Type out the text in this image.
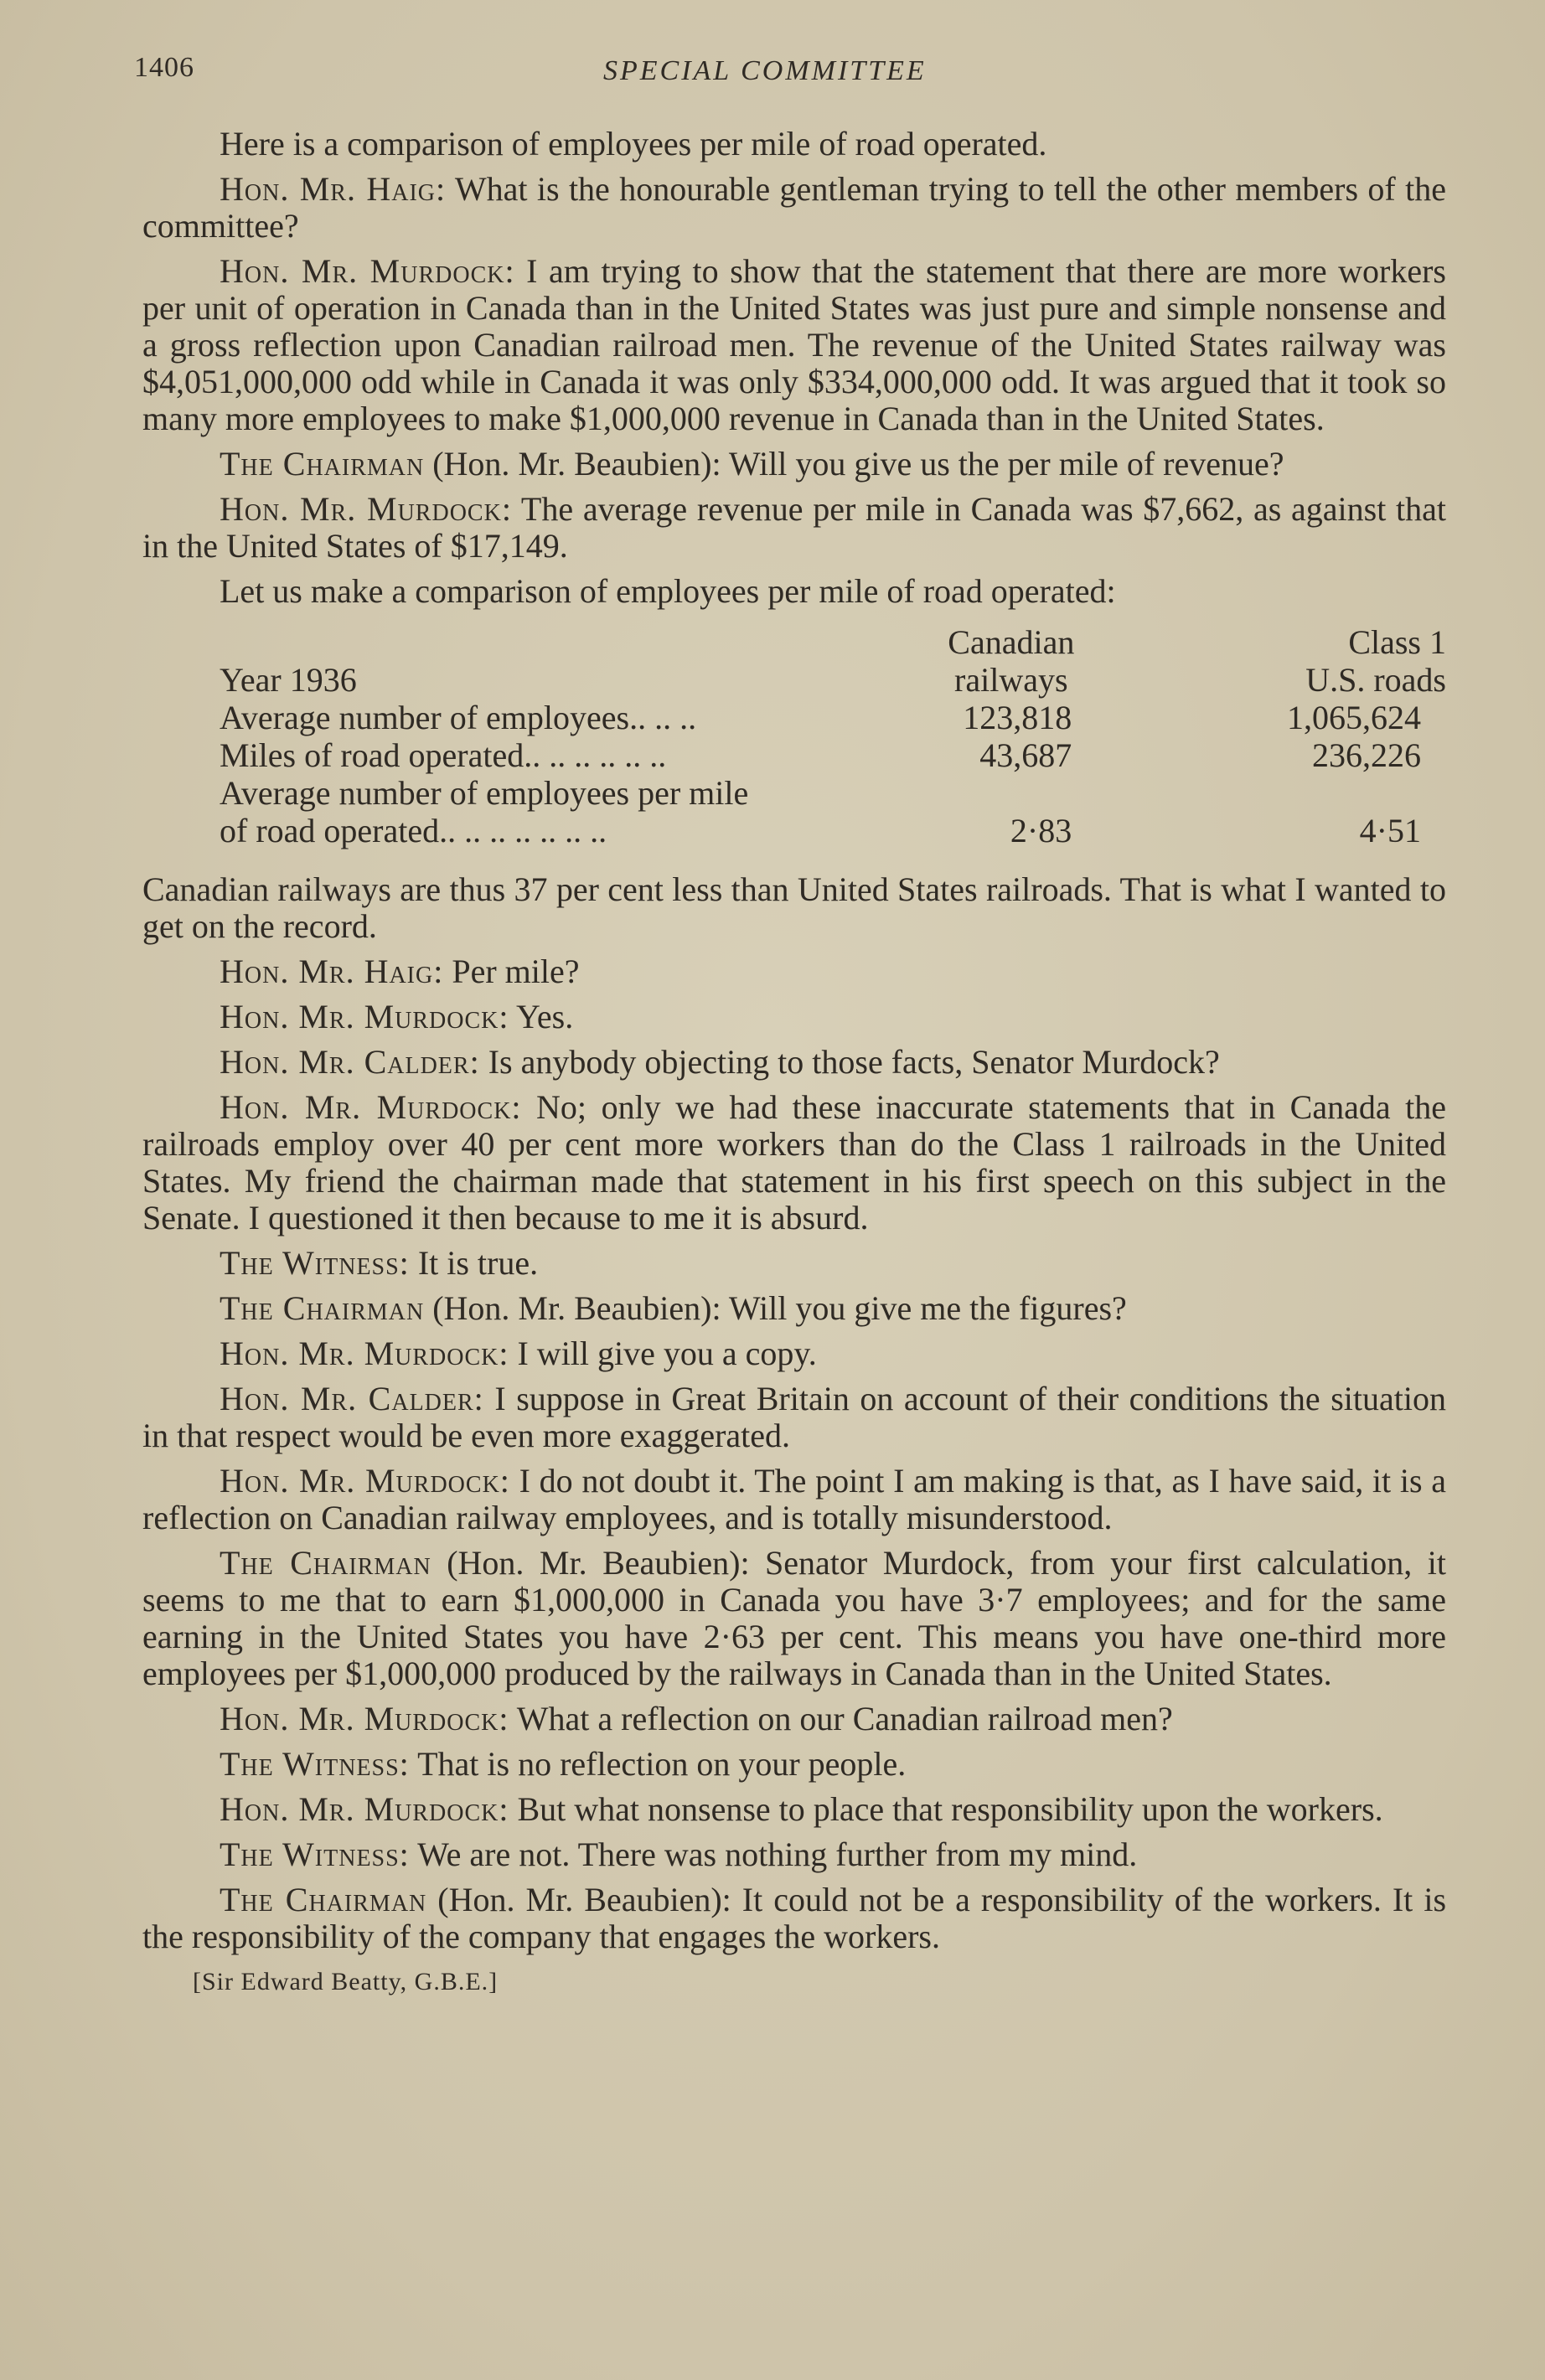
1406	SPECIAL COMMITTEE

Here is a comparison of employees per mile of road operated.

Hon. Mr. Haig: What is the honourable gentleman trying to tell the other members of the committee?

Hon. Mr. Murdock: I am trying to show that the statement that there are more workers per unit of operation in Canada than in the United States was just pure and simple nonsense and a gross reflection upon Canadian railroad men. The revenue of the United States railway was $4,051,000,000 odd while in Canada it was only $334,000,000 odd. It was argued that it took so many more employees to make $1,000,000 revenue in Canada than in the United States.

The Chairman (Hon. Mr. Beaubien): Will you give us the per mile of revenue?

Hon. Mr. Murdock: The average revenue per mile in Canada was $7,662, as against that in the United States of $17,149.

Let us make a comparison of employees per mile of road operated:

	Canadian	Class 1
Year 1936	railways	U.S. roads
Average number of employees.. .. ..	123,818	1,065,624
Miles of road operated.. .. .. .. .. ..	43,687	236,226
Average number of employees per mile		
of road operated.. .. .. .. .. .. ..	2·83	4·51

Canadian railways are thus 37 per cent less than United States railroads. That is what I wanted to get on the record.

Hon. Mr. Haig: Per mile?

Hon. Mr. Murdock: Yes.

Hon. Mr. Calder: Is anybody objecting to those facts, Senator Murdock?

Hon. Mr. Murdock: No; only we had these inaccurate statements that in Canada the railroads employ over 40 per cent more workers than do the Class 1 railroads in the United States. My friend the chairman made that statement in his first speech on this subject in the Senate. I questioned it then because to me it is absurd.

The Witness: It is true.

The Chairman (Hon. Mr. Beaubien): Will you give me the figures?

Hon. Mr. Murdock: I will give you a copy.

Hon. Mr. Calder: I suppose in Great Britain on account of their conditions the situation in that respect would be even more exaggerated.

Hon. Mr. Murdock: I do not doubt it. The point I am making is that, as I have said, it is a reflection on Canadian railway employees, and is totally misunderstood.

The Chairman (Hon. Mr. Beaubien): Senator Murdock, from your first calculation, it seems to me that to earn $1,000,000 in Canada you have 3·7 employees; and for the same earning in the United States you have 2·63 per cent. This means you have one-third more employees per $1,000,000 produced by the railways in Canada than in the United States.

Hon. Mr. Murdock: What a reflection on our Canadian railroad men?

The Witness: That is no reflection on your people.

Hon. Mr. Murdock: But what nonsense to place that responsibility upon the workers.

The Witness: We are not. There was nothing further from my mind.

The Chairman (Hon. Mr. Beaubien): It could not be a responsibility of the workers. It is the responsibility of the company that engages the workers.

[Sir Edward Beatty, G.B.E.]
